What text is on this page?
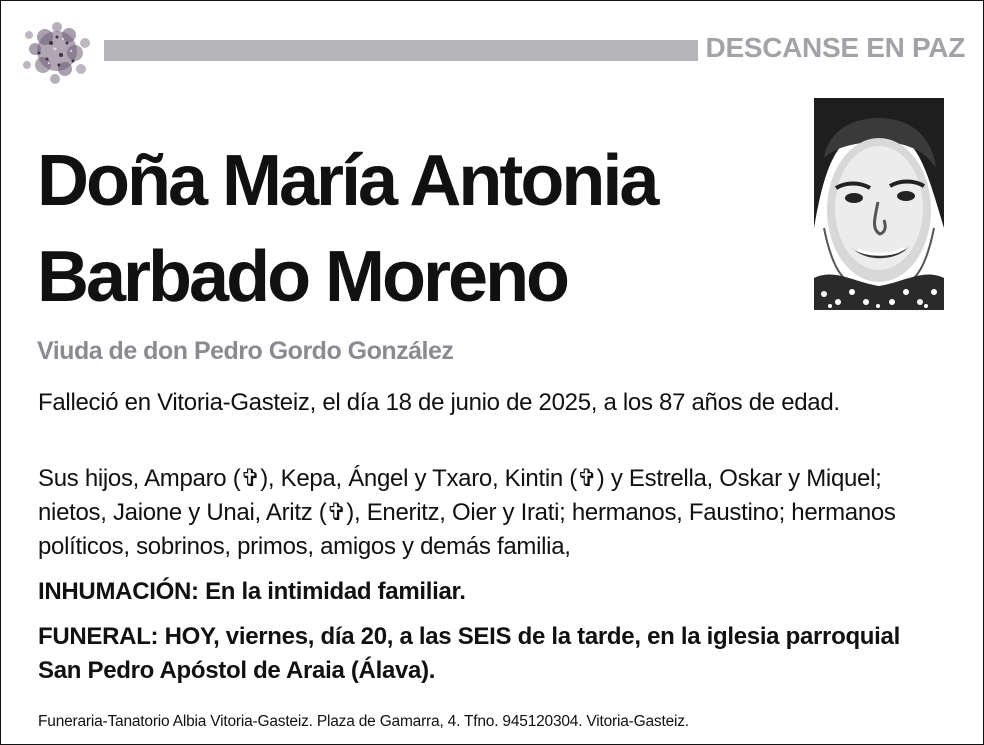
DESCANSE EN PAZ
Doña María Antonia
Barbado Moreno

Viuda de don Pedro Gordo González

Falleció en Vitoria-Gasteiz, el día 18 de junio de 2025, a los 87 años de edad.

Sus hijos, Amparo (✞), Kepa, Ángel y Txaro, Kintin (✞) y Estrella, Oskar y Miquel; nietos, Jaione y Unai, Aritz (✞), Eneritz, Oier y Irati; hermanos, Faustino; hermanos políticos, sobrinos, primos, amigos y demás familia,

INHUMACIÓN: En la intimidad familiar.

FUNERAL: HOY, viernes, día 20, a las SEIS de la tarde, en la iglesia parroquial San Pedro Apóstol de Araia (Álava).

Funeraria-Tanatorio Albia Vitoria-Gasteiz. Plaza de Gamarra, 4. Tfno. 945120304. Vitoria-Gasteiz.
